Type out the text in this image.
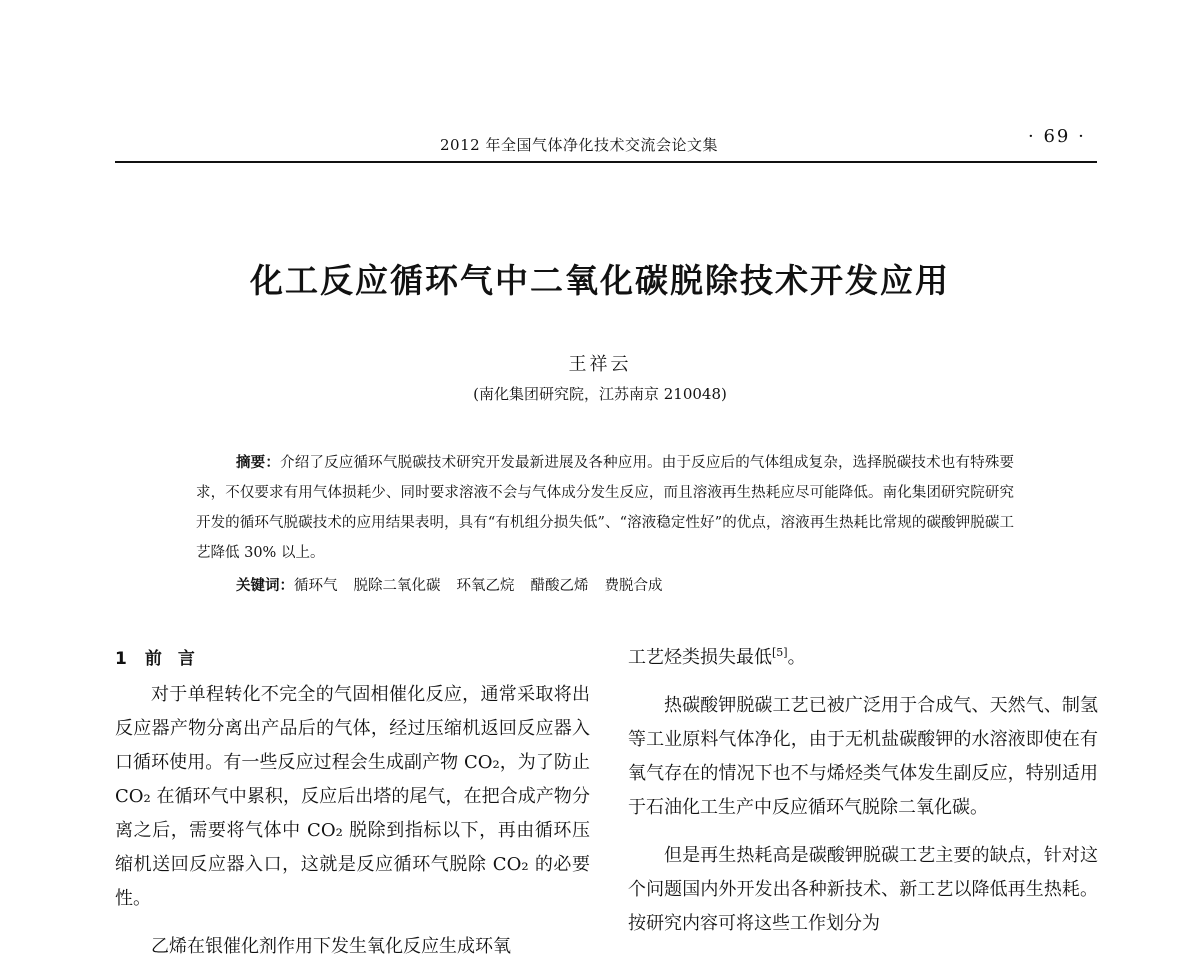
2012 年全国气体净化技术交流会论文集	· 69 ·
化工反应循环气中二氧化碳脱除技术开发应用
王祥云
(南化集团研究院，江苏南京 210048)
摘要：介绍了反应循环气脱碳技术研究开发最新进展及各种应用。由于反应后的气体组成复杂，选择脱碳技术也有特殊要求，不仅要求有用气体损耗少、同时要求溶液不会与气体成分发生反应，而且溶液再生热耗应尽可能降低。南化集团研究院研究开发的循环气脱碳技术的应用结果表明，具有“有机组分损失低”、“溶液稳定性好”的优点，溶液再生热耗比常规的碳酸钾脱碳工艺降低 30% 以上。
关键词：循环气 脱除二氧化碳 环氧乙烷 醋酸乙烯 费脱合成
1 前言

对于单程转化不完全的气固相催化反应，通常采取将出反应器产物分离出产品后的气体，经过压缩机返回反应器入口循环使用。有一些反应过程会生成副产物 CO₂，为了防止 CO₂ 在循环气中累积，反应后出塔的尾气，在把合成产物分离之后，需要将气体中 CO₂ 脱除到指标以下，再由循环压缩机送回反应器入口，这就是反应循环气脱除 CO₂ 的必要性。

乙烯在银催化剂作用下发生氧化反应生成环氧

工艺烃类损失最低[5]。

热碳酸钾脱碳工艺已被广泛用于合成气、天然气、制氢等工业原料气体净化，由于无机盐碳酸钾的水溶液即使在有氧气存在的情况下也不与烯烃类气体发生副反应，特别适用于石油化工生产中反应循环气脱除二氧化碳。

但是再生热耗高是碳酸钾脱碳工艺主要的缺点，针对这个问题国内外开发出各种新技术、新工艺以降低再生热耗。按研究内容可将这些工作划分为
